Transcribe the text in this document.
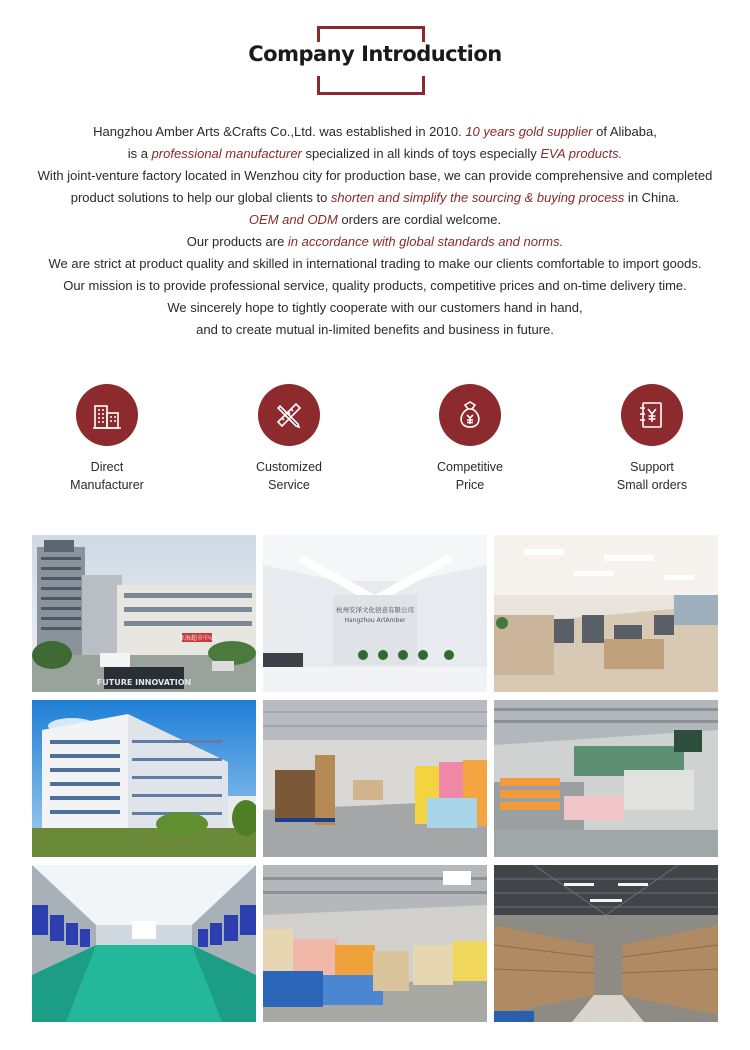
Company Introduction
Hangzhou Amber Arts &Crafts Co.,Ltd. was established in 2010. 10 years gold supplier of Alibaba,
is a professional manufacturer specialized in all kinds of toys especially EVA products.
With joint-venture factory located in Wenzhou city for production base, we can provide comprehensive and completed
product solutions to help our global clients to shorten and simplify the sourcing & buying process in China.
OEM and ODM orders are cordial welcome.
Our products are in accordance with global standards and norms.
We are strict at product quality and skilled in international trading to make our clients comfortable to import goods.
Our mission is to provide professional service, quality products, competitive prices and on-time delivery time.
We sincerely hope to tightly cooperate with our customers hand in hand,
and to create mutual in-limited benefits and business in future.
Direct
Manufacturer
Customized
Service
Competitive
Price
Support
Small orders
亚海超市中心
FUTURE INNOVATION
杭州安泽文化创意有限公司
Hangzhou ArtAmber
